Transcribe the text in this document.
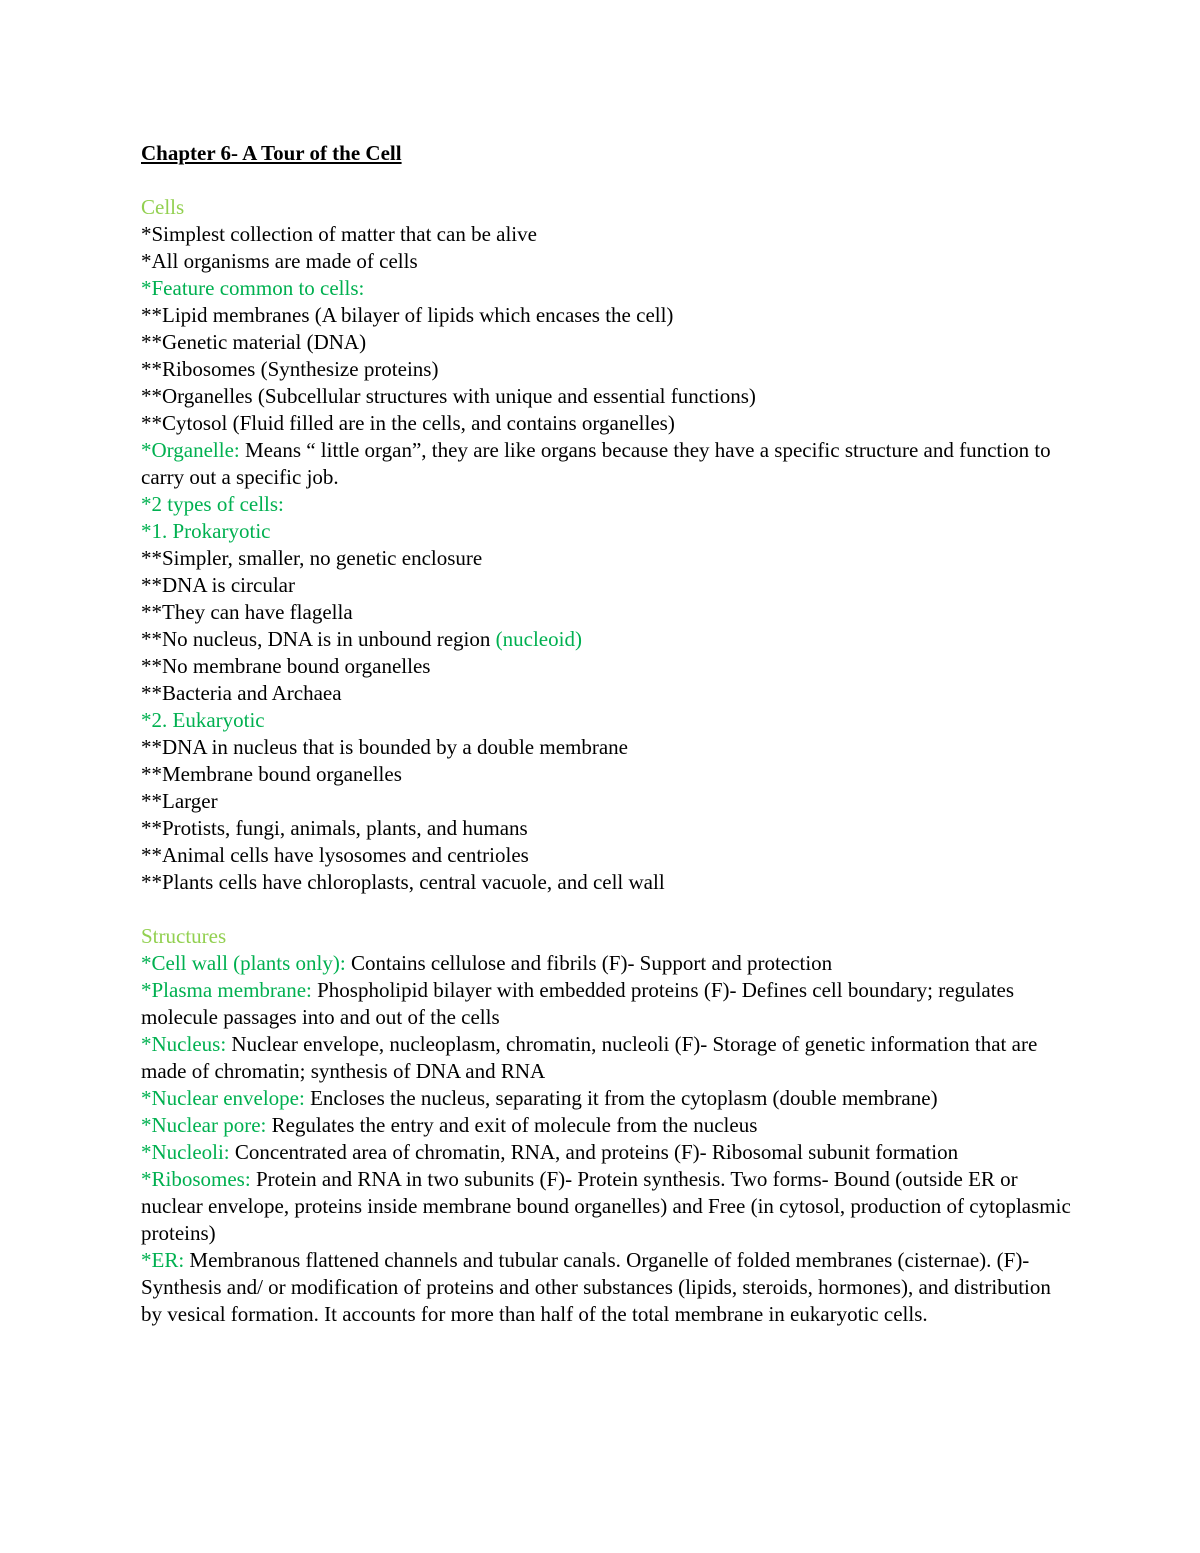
Chapter 6- A Tour of the Cell

Cells

*Simplest collection of matter that can be alive

*All organisms are made of cells

*Feature common to cells:

**Lipid membranes (A bilayer of lipids which encases the cell)

**Genetic material (DNA)

**Ribosomes (Synthesize proteins)

**Organelles (Subcellular structures with unique and essential functions)

**Cytosol (Fluid filled are in the cells, and contains organelles)

*Organelle: Means “ little organ”, they are like organs because they have a specific structure and function to carry out a specific job.

*2 types of cells:

*1. Prokaryotic

**Simpler, smaller, no genetic enclosure

**DNA is circular

**They can have flagella

**No nucleus, DNA is in unbound region (nucleoid)

**No membrane bound organelles

**Bacteria and Archaea

*2. Eukaryotic

**DNA in nucleus that is bounded by a double membrane

**Membrane bound organelles

**Larger

**Protists, fungi, animals, plants, and humans

**Animal cells have lysosomes and centrioles

**Plants cells have chloroplasts, central vacuole, and cell wall

Structures

*Cell wall (plants only): Contains cellulose and fibrils (F)- Support and protection

*Plasma membrane: Phospholipid bilayer with embedded proteins (F)- Defines cell boundary; regulates molecule passages into and out of the cells

*Nucleus: Nuclear envelope, nucleoplasm, chromatin, nucleoli (F)- Storage of genetic information that are made of chromatin; synthesis of DNA and RNA

*Nuclear envelope: Encloses the nucleus, separating it from the cytoplasm (double membrane)

*Nuclear pore: Regulates the entry and exit of molecule from the nucleus

*Nucleoli: Concentrated area of chromatin, RNA, and proteins (F)- Ribosomal subunit formation

*Ribosomes: Protein and RNA in two subunits (F)- Protein synthesis. Two forms- Bound (outside ER or nuclear envelope, proteins inside membrane bound organelles) and Free (in cytosol, production of cytoplasmic proteins)

*ER: Membranous flattened channels and tubular canals. Organelle of folded membranes (cisternae). (F)- Synthesis and/ or modification of proteins and other substances (lipids, steroids, hormones), and distribution by vesical formation. It accounts for more than half of the total membrane in eukaryotic cells.
